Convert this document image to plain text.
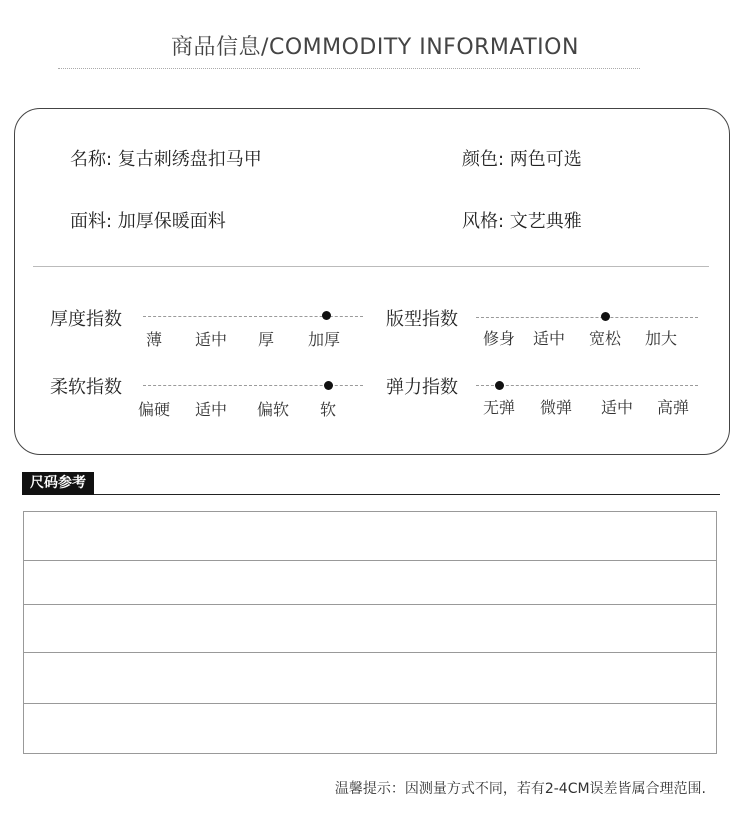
商品信息/COMMODITY INFORMATION
名称: 复古刺绣盘扣马甲	颜色: 两色可选
面料: 加厚保暖面料	风格: 文艺典雅
厚度指数
薄 适中 厚 加厚
版型指数
修身 适中 宽松 加大
柔软指数
偏硬 适中 偏软 软
弹力指数
无弹 微弹 适中 高弹
尺码参考
温馨提示：因测量方式不同，若有2-4CM误差皆属合理范围.
